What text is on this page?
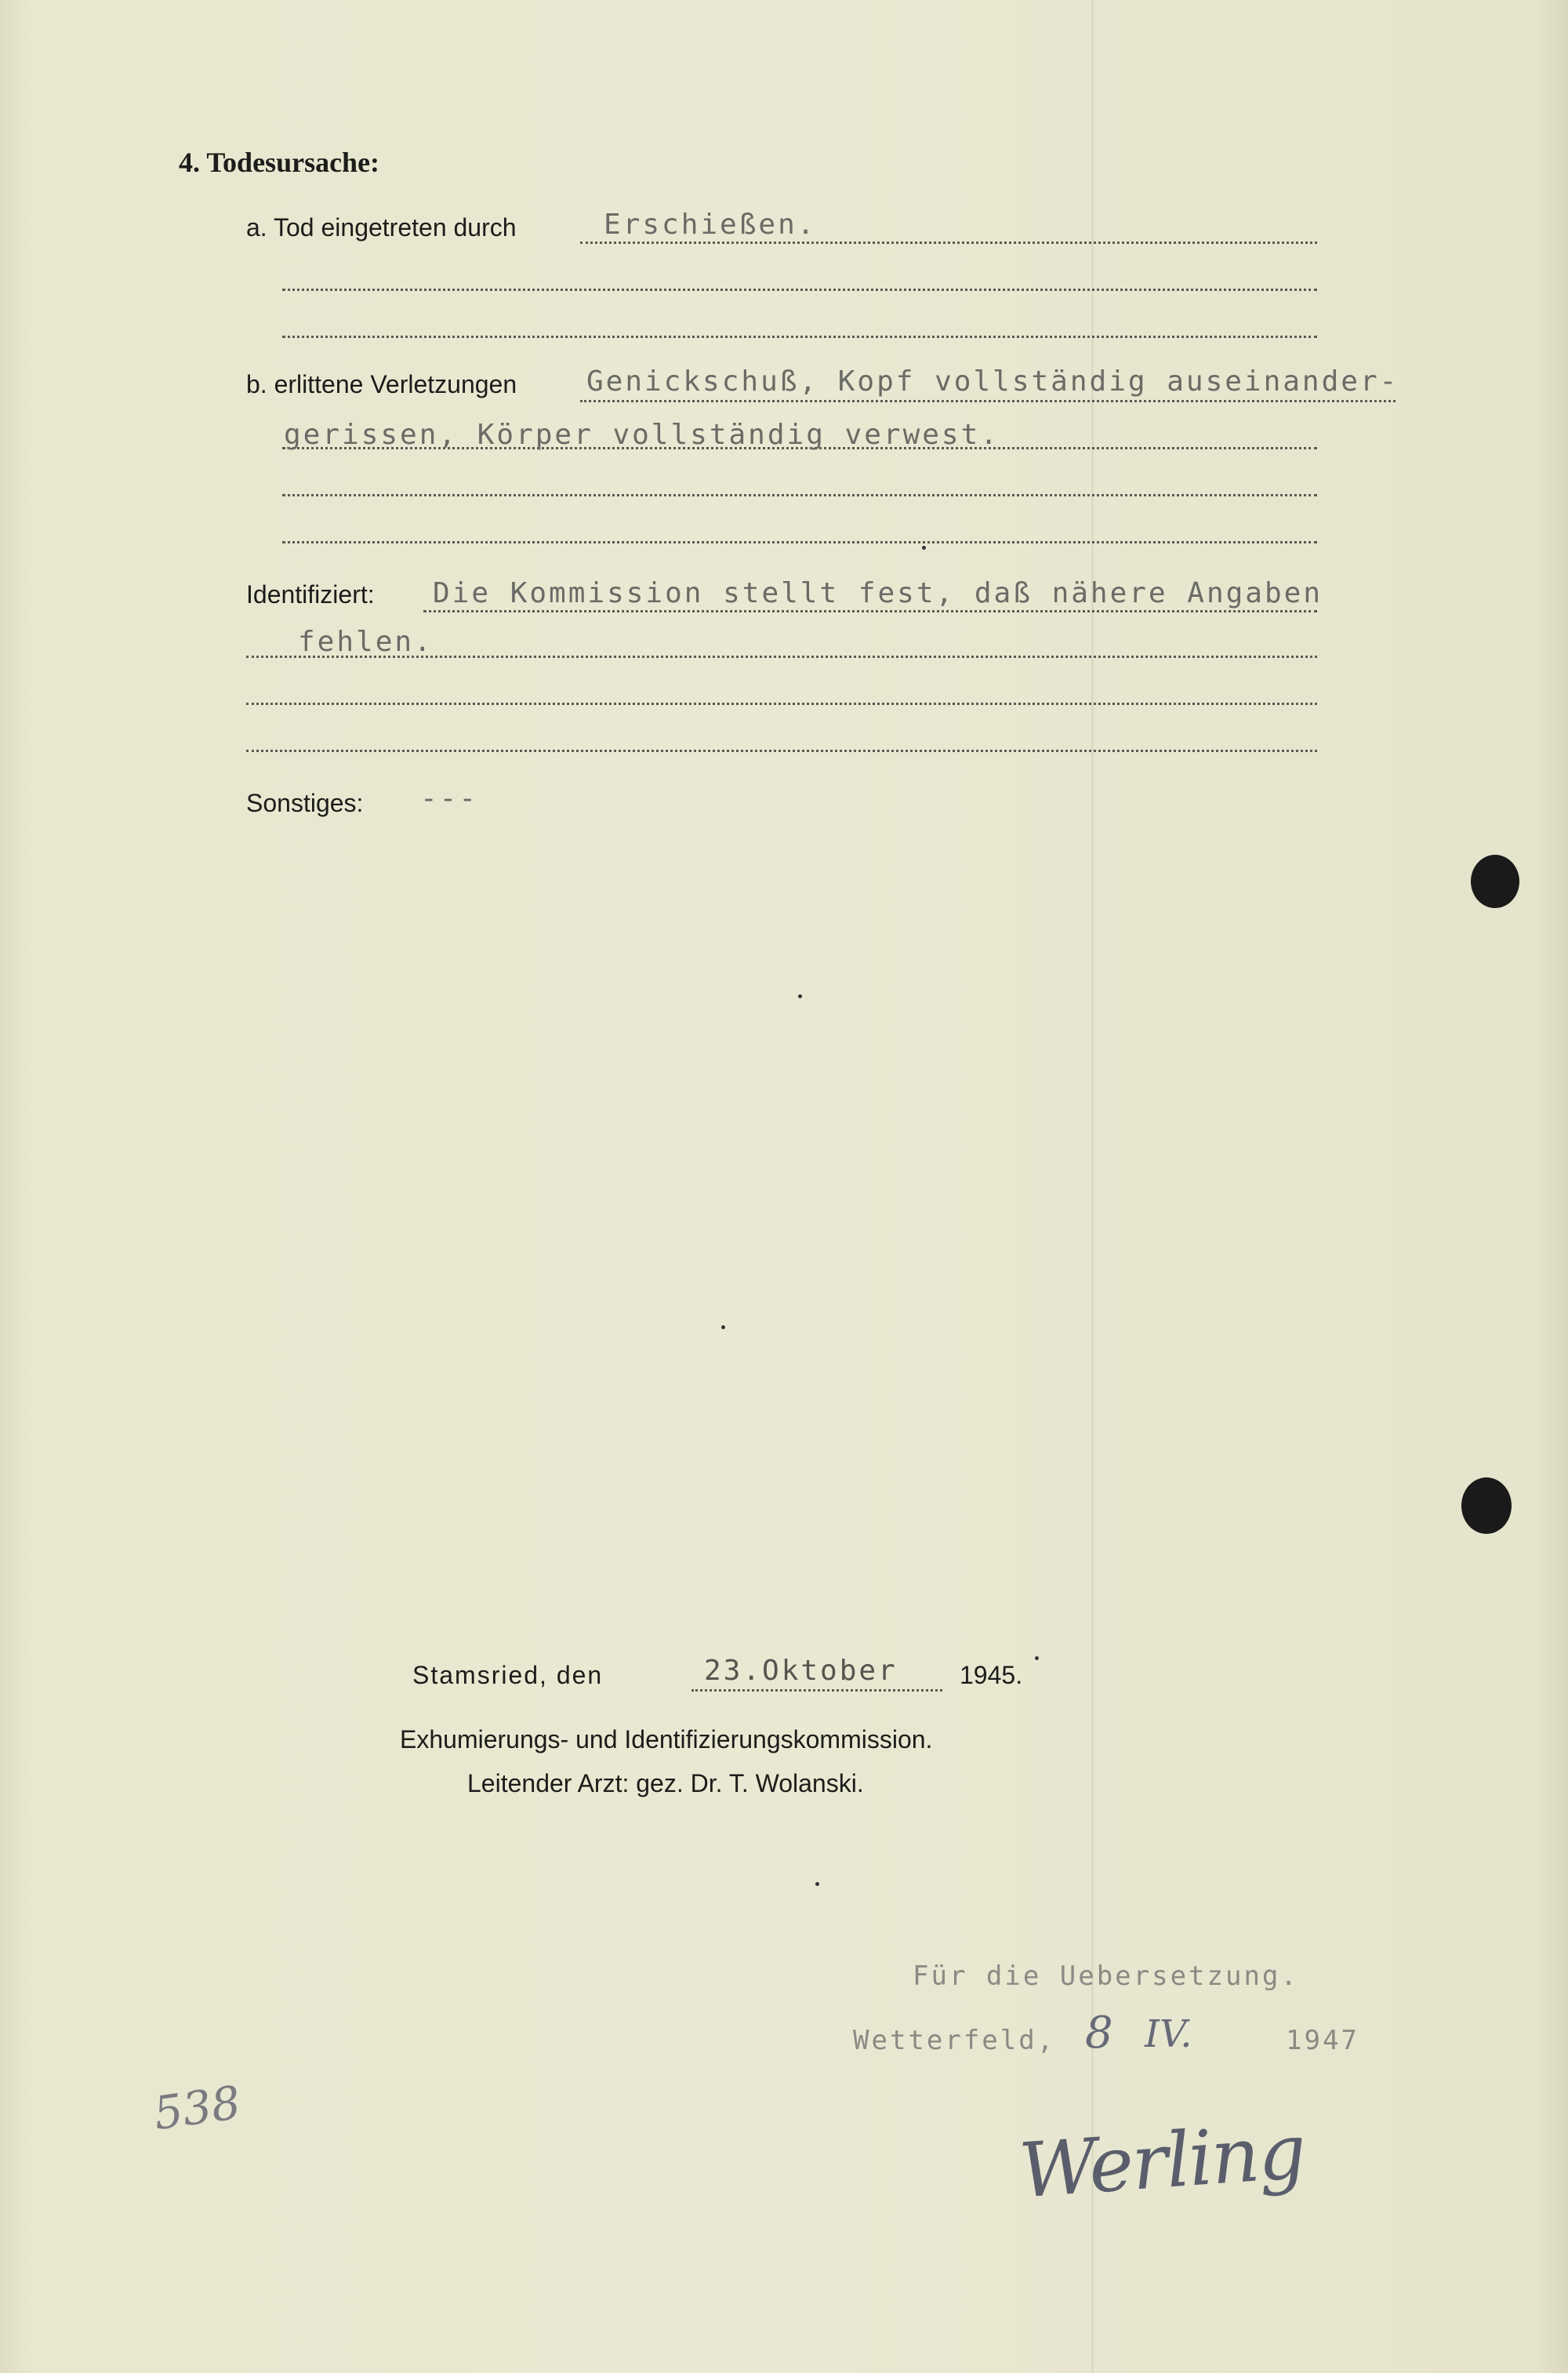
4. Todesursache:
a. Tod eingetreten durch	Erschießen.
b. erlittene Verletzungen Genickschuß, Kopf vollständig auseinander-
gerissen, Körper vollständig verwest.
Identifiziert: Die Kommission stellt fest, daß nähere Angaben
fehlen.
Sonstiges: ---
Stamsried, den	23.Oktober 1945.
Exhumierungs- und Identifizierungskommission.
Leitender Arzt: gez. Dr. T. Wolanski.
Für die Uebersetzung.
Wetterfeld, 8 IV.	1947
538	Werling
